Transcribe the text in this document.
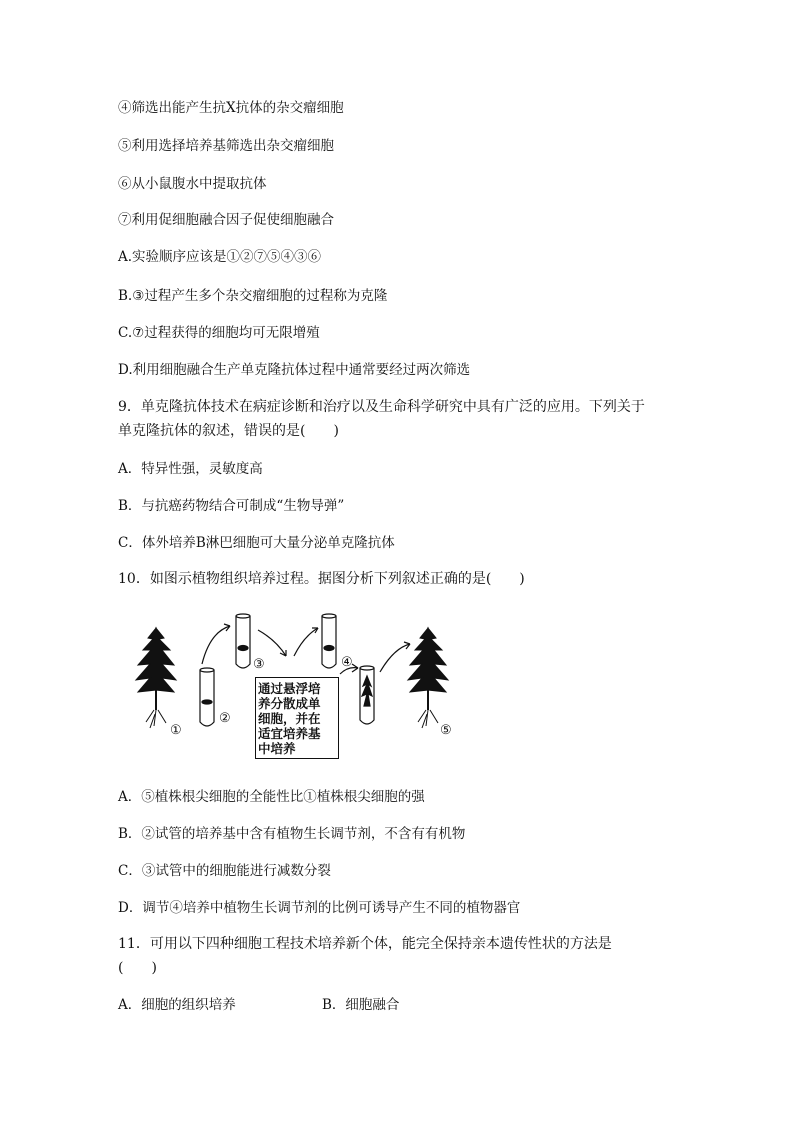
④筛选出能产生抗X抗体的杂交瘤细胞
⑤利用选择培养基筛选出杂交瘤细胞
⑥从小鼠腹水中提取抗体
⑦利用促细胞融合因子促使细胞融合
A.实验顺序应该是①②⑦⑤④③⑥
B.③过程产生多个杂交瘤细胞的过程称为克隆
C.⑦过程获得的细胞均可无限增殖
D.利用细胞融合生产单克隆抗体过程中通常要经过两次筛选
9．单克隆抗体技术在病症诊断和治疗以及生命科学研究中具有广泛的应用。下列关于
单克隆抗体的叙述，错误的是(　　)
A．特异性强，灵敏度高
B．与抗癌药物结合可制成“生物导弹”
C．体外培养B淋巴细胞可大量分泌单克隆抗体
10．如图示植物组织培养过程。据图分析下列叙述正确的是(　　)
①
②
③	④
⑤
通过悬浮培
养分散成单
细胞，并在
适宜培养基
中培养
A．⑤植株根尖细胞的全能性比①植株根尖细胞的强
B．②试管的培养基中含有植物生长调节剂，不含有有机物
C．③试管中的细胞能进行减数分裂
D．调节④培养中植物生长调节剂的比例可诱导产生不同的植物器官
11．可用以下四种细胞工程技术培养新个体，能完全保持亲本遗传性状的方法是
(　　)
A．细胞的组织培养	B．细胞融合
